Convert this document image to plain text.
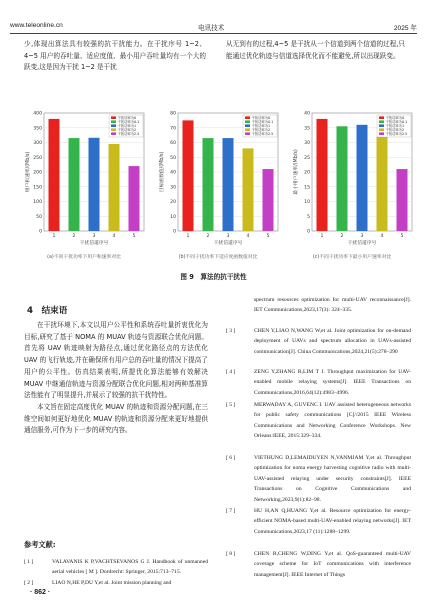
www.teleonline.cn	电讯技术	2025 年

少,体现出算法具有较强的抗干扰能力。在干扰序号 1~2、4~5 用户的吞吐量、适应度值、最小用户吞吐量均有一个大的跃变,这是因为干扰 1~2 是干扰

从无到有的过程,4~5 是干扰从一个信道到两个信道的过程,只能通过优化轨迹与信道选择优化而不能避免,所以出现跃变。

0
50
100
150
200
250
300
350
400
1	2	3	4	5
干扰功率为0
干扰功率为0.1
干扰功率为1
干扰功率为2
干扰功率为2.5
干扰信道序号
用户和速率/(Mb/s)
(a)不同干扰功率下用户和速率对比
0
10
20
30
40
50
60
70
80
1	2	3	4	5
干扰功率为0
干扰功率为0.1
干扰功率为1
干扰功率为2
干扰功率为2.5
干扰信道序号
目标函数值/(Mb/s)
(b)不同干扰功率下适应度函数值对比
0
5
10
15
20
25
30
35
40
1	2	3	4	5
干扰功率为0
干扰功率为0.1
干扰功率为1
干扰功率为2
干扰功率为2.5
干扰信道序号
最小用户速率/(Mb/s)
(c)不同干扰功率下最小用户速率对比
图 9　算法的抗干扰性
4　结束语

在干扰环境下,本文以用户公平性和系统吞吐量折衷优化为目标,研究了基于 NOMA 的 MUAV 轨迹与资源联合优化问题。首先将 UAV 轨迹映射为路径点,通过优化路径点的方法优化 UAV 的飞行轨迹,并在确保所有用户总的吞吐量的情况下提高了用户的公平性。仿真结果表明,所提优化算法能够有效解决 MUAV 中继通信轨迹与资源分配联合优化问题,相对两种基准算法性能有了明显提升,并展示了较强的抗干扰特性。

本文旨在固定高度优化 MUAV 的轨迹和资源分配问题,在三维空间如何更好地优化 MUAV 的轨迹和资源分配来更好地提供通信服务,可作为下一步的研究内容。

参考文献:
[ 1 ]	VALAVANIS K P,VACHTSEVANOS G J. Handbook of unmanned aerial vehicles [ M ]. Dordrecht: Springer, 2015:713–715.
[ 2 ]	LIAO N,HE P,DU Y,et al. Joint mission planning and
spectrum resources optimization for multi-UAV reconnaissance[J]. IET Communications,2023,17(3): 324–335.
[ 3 ]	CHEN Y,LIAO N,WANG W,et al. Joint optimization for on-demand deployment of UAVs and spectrum allocation in UAVs-assisted communication[J]. China Communications,2024,21(5):278–290
[ 4 ]	ZENG Y,ZHANG R,LIM T J. Throughput maximization for UAV-enabled mobile relaying systems[J]. IEEE Transactions on Communications,2016,64(12):4983–4996.
[ 5 ]	MERWADAY A, GUVENC I. UAV assisted heterogeneous networks for public safety communications [C]//2015 IEEE Wireless Communications and Networking Conference Workshops. New Orleans:IEEE, 2015:329–334.
[ 6 ]	VIETHUNG D,LEMAIDUYEN N,VANMJAM Y,et al. Throughput optimization for noma energy harvesting cognitive radio with multi-UAV-assisted relaying under security constraints[J]. IEEE Transactions on Cognitive Communications and Networking,2023,9(1):82–98.
[ 7 ]	HU H,AN Q,HUANG Y,et al. Resource optimization for energy-efficient NOMA-based multi-UAV-enabled relaying networks[J]. IET Communications,2023,17 (11):1288–1299.
[ 8 ]	CHEN R,CHENG W,DING Y,et al. QoS-guaranteed multi-UAV coverage scheme for IoT communications with interference management[J]. IEEE Internet of Things
· 862 ·
